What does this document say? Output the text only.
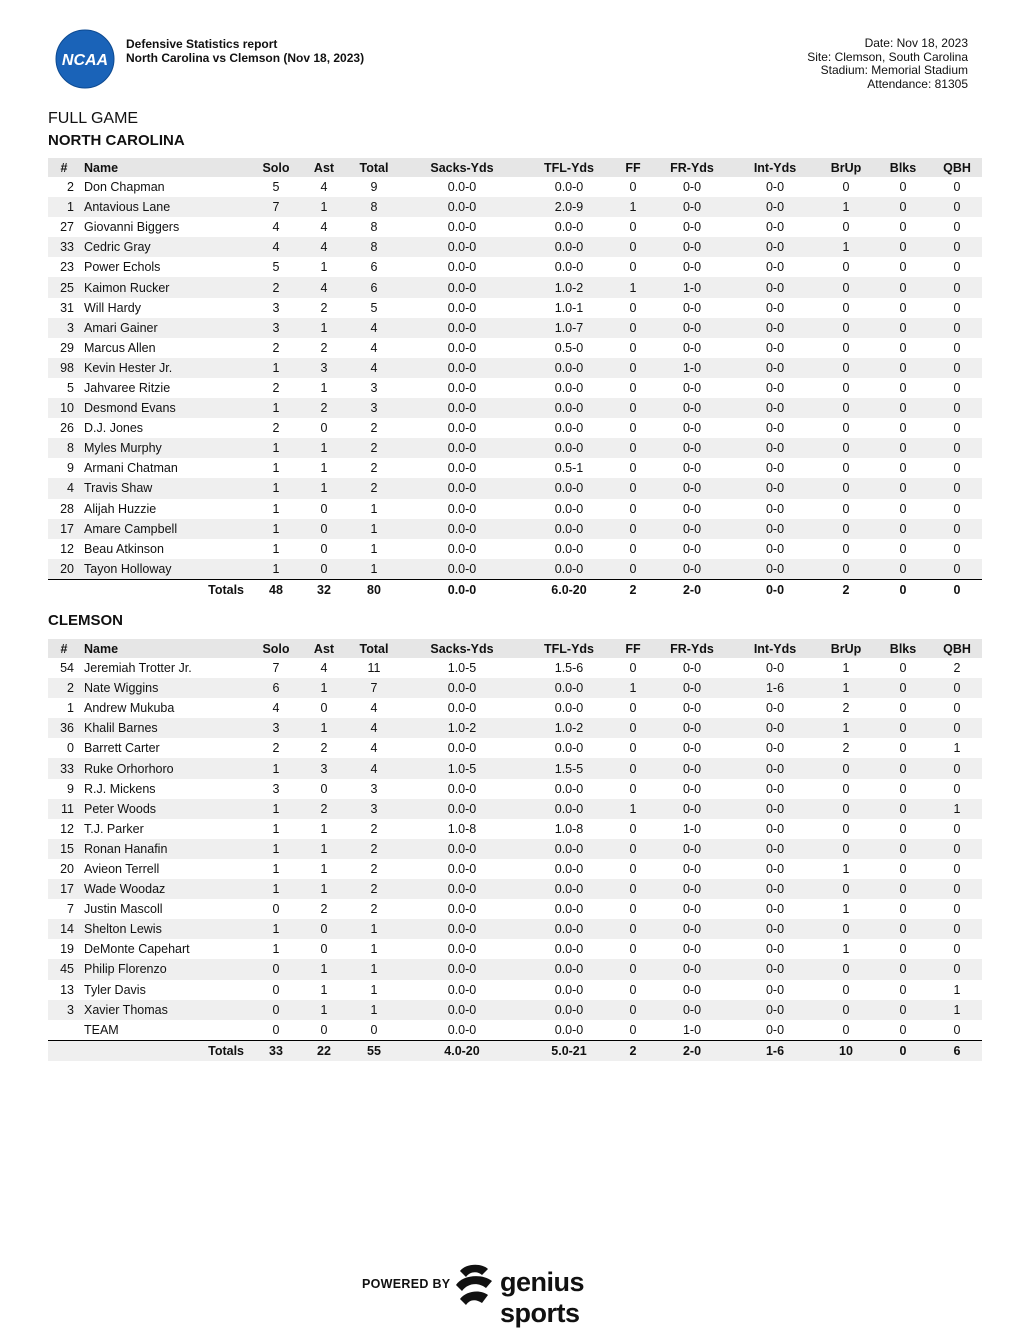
NCAA
Defensive Statistics report
North Carolina vs Clemson (Nov 18, 2023)
Date: Nov 18, 2023
Site: Clemson, South Carolina
Stadium: Memorial Stadium
Attendance: 81305
FULL GAME
NORTH CAROLINA
#	Name	Solo	Ast	Total	Sacks-Yds	TFL-Yds	FF	FR-Yds	Int-Yds	BrUp	Blks	QBH
2	Don Chapman	5	4	9	0.0-0	0.0-0	0	0-0	0-0	0	0	0
1	Antavious Lane	7	1	8	0.0-0	2.0-9	1	0-0	0-0	1	0	0
27	Giovanni Biggers	4	4	8	0.0-0	0.0-0	0	0-0	0-0	0	0	0
33	Cedric Gray	4	4	8	0.0-0	0.0-0	0	0-0	0-0	1	0	0
23	Power Echols	5	1	6	0.0-0	0.0-0	0	0-0	0-0	0	0	0
25	Kaimon Rucker	2	4	6	0.0-0	1.0-2	1	1-0	0-0	0	0	0
31	Will Hardy	3	2	5	0.0-0	1.0-1	0	0-0	0-0	0	0	0
3	Amari Gainer	3	1	4	0.0-0	1.0-7	0	0-0	0-0	0	0	0
29	Marcus Allen	2	2	4	0.0-0	0.5-0	0	0-0	0-0	0	0	0
98	Kevin Hester Jr.	1	3	4	0.0-0	0.0-0	0	1-0	0-0	0	0	0
5	Jahvaree Ritzie	2	1	3	0.0-0	0.0-0	0	0-0	0-0	0	0	0
10	Desmond Evans	1	2	3	0.0-0	0.0-0	0	0-0	0-0	0	0	0
26	D.J. Jones	2	0	2	0.0-0	0.0-0	0	0-0	0-0	0	0	0
8	Myles Murphy	1	1	2	0.0-0	0.0-0	0	0-0	0-0	0	0	0
9	Armani Chatman	1	1	2	0.0-0	0.5-1	0	0-0	0-0	0	0	0
4	Travis Shaw	1	1	2	0.0-0	0.0-0	0	0-0	0-0	0	0	0
28	Alijah Huzzie	1	0	1	0.0-0	0.0-0	0	0-0	0-0	0	0	0
17	Amare Campbell	1	0	1	0.0-0	0.0-0	0	0-0	0-0	0	0	0
12	Beau Atkinson	1	0	1	0.0-0	0.0-0	0	0-0	0-0	0	0	0
20	Tayon Holloway	1	0	1	0.0-0	0.0-0	0	0-0	0-0	0	0	0
Totals		48	32	80	0.0-0	6.0-20	2	2-0	0-0	2	0	0
CLEMSON
#	Name	Solo	Ast	Total	Sacks-Yds	TFL-Yds	FF	FR-Yds	Int-Yds	BrUp	Blks	QBH
54	Jeremiah Trotter Jr.	7	4	11	1.0-5	1.5-6	0	0-0	0-0	1	0	2
2	Nate Wiggins	6	1	7	0.0-0	0.0-0	1	0-0	1-6	1	0	0
1	Andrew Mukuba	4	0	4	0.0-0	0.0-0	0	0-0	0-0	2	0	0
36	Khalil Barnes	3	1	4	1.0-2	1.0-2	0	0-0	0-0	1	0	0
0	Barrett Carter	2	2	4	0.0-0	0.0-0	0	0-0	0-0	2	0	1
33	Ruke Orhorhoro	1	3	4	1.0-5	1.5-5	0	0-0	0-0	0	0	0
9	R.J. Mickens	3	0	3	0.0-0	0.0-0	0	0-0	0-0	0	0	0
11	Peter Woods	1	2	3	0.0-0	0.0-0	1	0-0	0-0	0	0	1
12	T.J. Parker	1	1	2	1.0-8	1.0-8	0	1-0	0-0	0	0	0
15	Ronan Hanafin	1	1	2	0.0-0	0.0-0	0	0-0	0-0	0	0	0
20	Avieon Terrell	1	1	2	0.0-0	0.0-0	0	0-0	0-0	1	0	0
17	Wade Woodaz	1	1	2	0.0-0	0.0-0	0	0-0	0-0	0	0	0
7	Justin Mascoll	0	2	2	0.0-0	0.0-0	0	0-0	0-0	1	0	0
14	Shelton Lewis	1	0	1	0.0-0	0.0-0	0	0-0	0-0	0	0	0
19	DeMonte Capehart	1	0	1	0.0-0	0.0-0	0	0-0	0-0	1	0	0
45	Philip Florenzo	0	1	1	0.0-0	0.0-0	0	0-0	0-0	0	0	0
13	Tyler Davis	0	1	1	0.0-0	0.0-0	0	0-0	0-0	0	0	1
3	Xavier Thomas	0	1	1	0.0-0	0.0-0	0	0-0	0-0	0	0	1
	TEAM	0	0	0	0.0-0	0.0-0	0	1-0	0-0	0	0	0
Totals		33	22	55	4.0-20	5.0-21	2	2-0	1-6	10	0	6
POWERED BY genius sports
